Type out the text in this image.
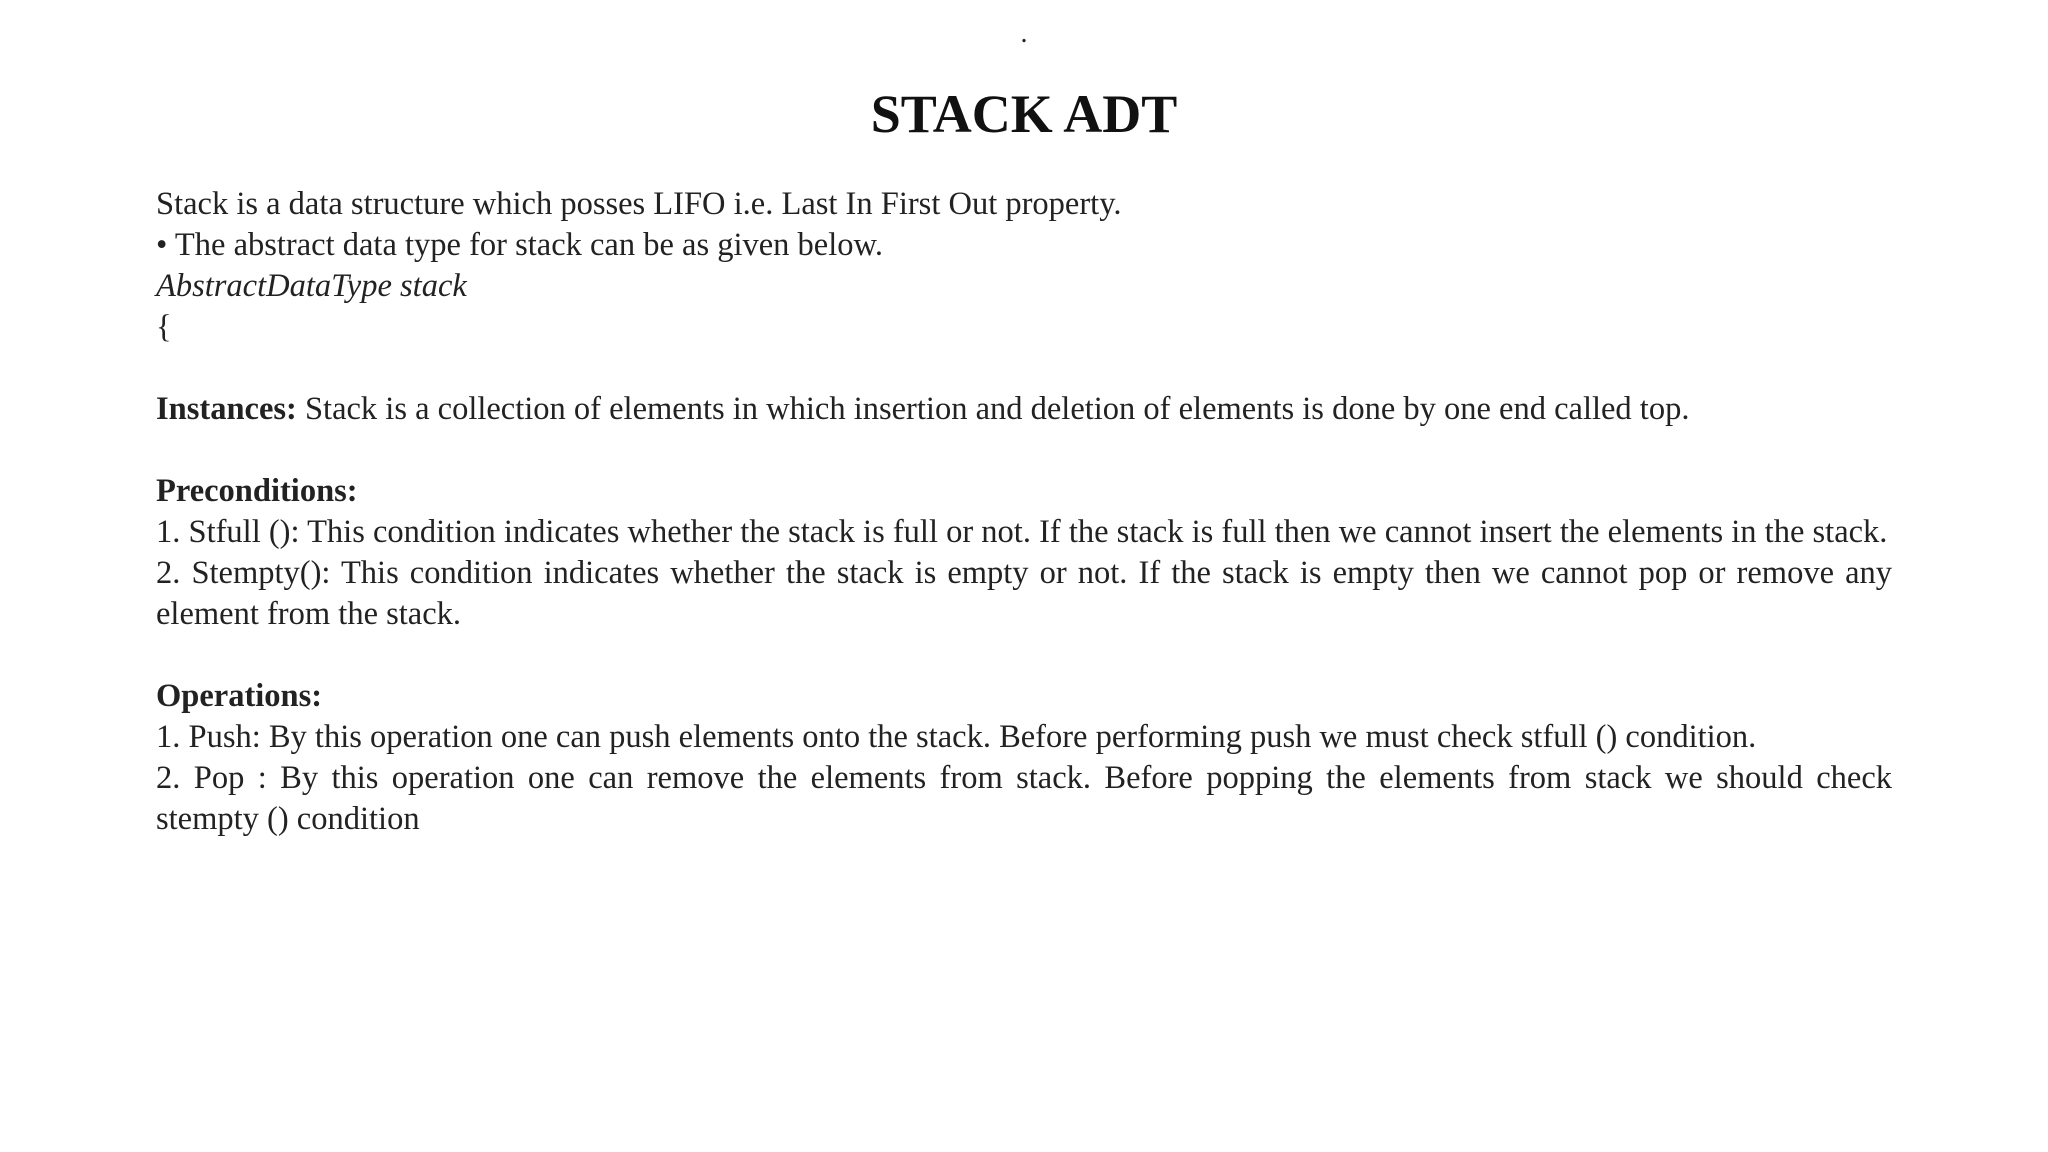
.
STACK ADT

Stack is a data structure which posses LIFO i.e. Last In First Out property.

• The abstract data type for stack can be as given below.

AbstractDataType stack

{

Instances: Stack is a collection of elements in which insertion and deletion of elements is done by one end called top.

Preconditions:

1. Stfull (): This condition indicates whether the stack is full or not. If the stack is full then we cannot insert the elements in the stack.

2. Stempty(): This condition indicates whether the stack is empty or not. If the stack is empty then we cannot pop or remove any element from the stack.

Operations:

1. Push: By this operation one can push elements onto the stack. Before performing push we must check stfull () condition.

2. Pop : By this operation one can remove the elements from stack. Before popping the elements from stack we should check stempty () condition
